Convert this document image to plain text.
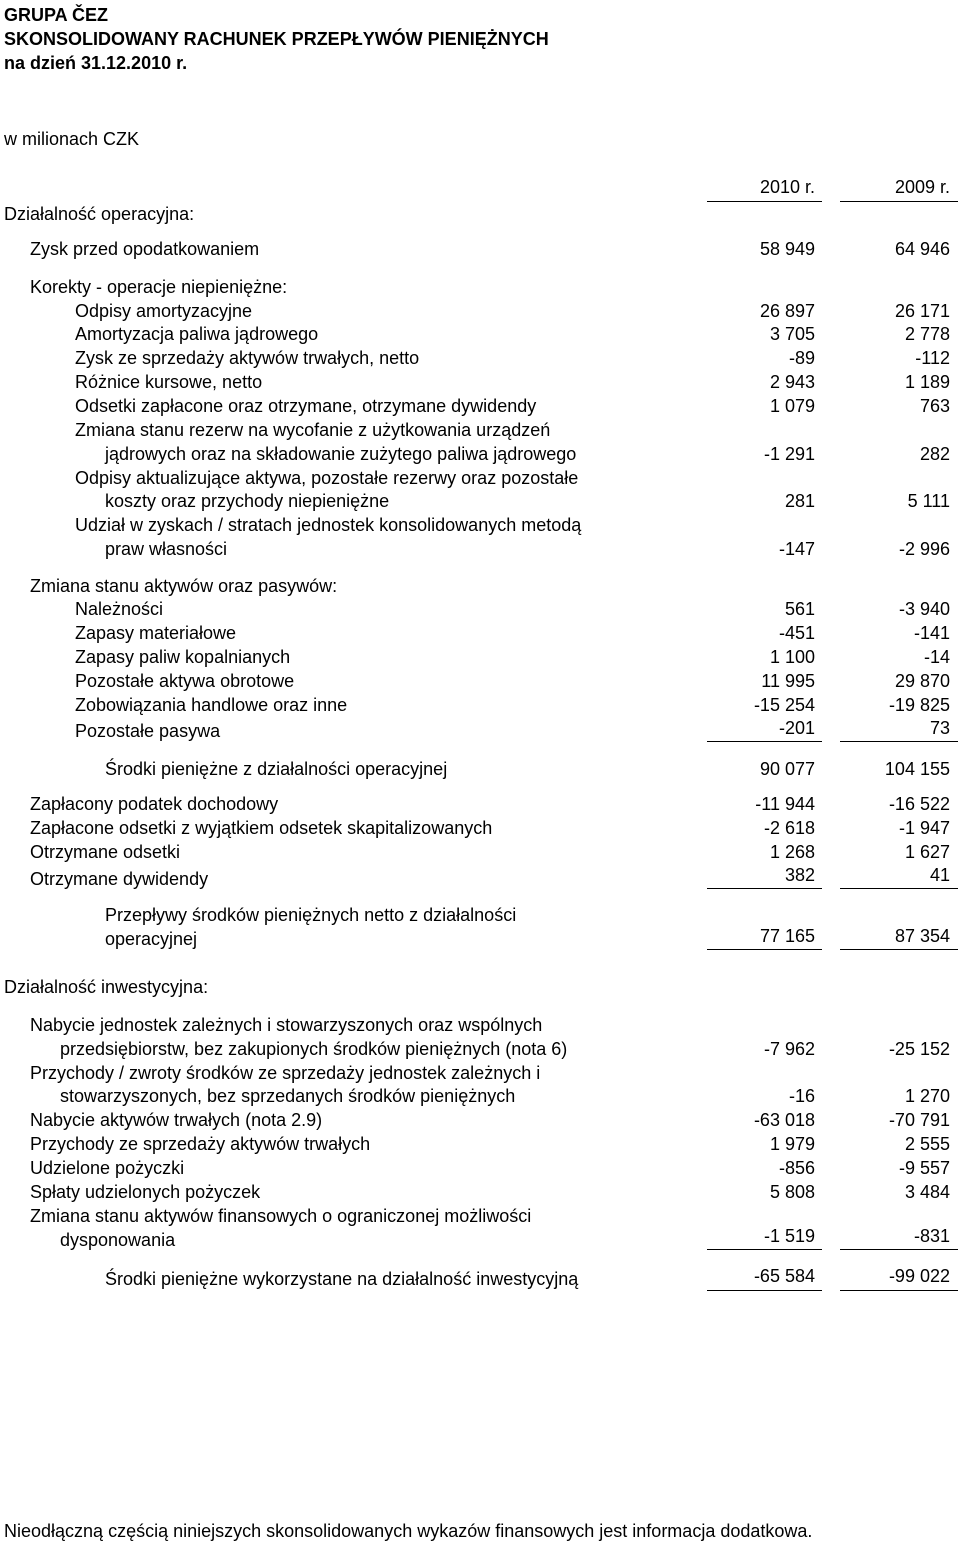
GRUPA ČEZ
SKONSOLIDOWANY RACHUNEK PRZEPŁYWÓW PIENIĘŻNYCH
na dzień 31.12.2010 r.
w milionach CZK
2010 r.	2009 r.
Działalność operacyjna:
Zysk przed opodatkowaniem	58 949	64 946
Korekty - operacje niepieniężne:
Odpisy amortyzacyjne	26 897	26 171
Amortyzacja paliwa jądrowego	3 705	2 778
Zysk ze sprzedaży aktywów trwałych, netto	-89	-112
Różnice kursowe, netto	2 943	1 189
Odsetki zapłacone oraz otrzymane, otrzymane dywidendy	1 079	763
Zmiana stanu rezerw na wycofanie z użytkowania urządzeń
jądrowych oraz na składowanie zużytego paliwa jądrowego	-1 291	282
Odpisy aktualizujące aktywa, pozostałe rezerwy oraz pozostałe
koszty oraz przychody niepieniężne	281	5 111
Udział w zyskach / stratach jednostek konsolidowanych metodą
praw własności	-147	-2 996
Zmiana stanu aktywów oraz pasywów:
Należności	561	-3 940
Zapasy materiałowe	-451	-141
Zapasy paliw kopalnianych	1 100	-14
Pozostałe aktywa obrotowe	11 995	29 870
Zobowiązania handlowe oraz inne	-15 254	-19 825
Pozostałe pasywa	-201	73
Środki pieniężne z działalności operacyjnej	90 077	104 155
Zapłacony podatek dochodowy	-11 944	-16 522
Zapłacone odsetki z wyjątkiem odsetek skapitalizowanych	-2 618	-1 947
Otrzymane odsetki	1 268	1 627
Otrzymane dywidendy	382	41
Przepływy środków pieniężnych netto z działalności
operacyjnej	77 165	87 354
Działalność inwestycyjna:
Nabycie jednostek zależnych i stowarzyszonych oraz wspólnych
przedsiębiorstw, bez zakupionych środków pieniężnych (nota 6)	-7 962	-25 152
Przychody / zwroty środków ze sprzedaży jednostek zależnych i
stowarzyszonych, bez sprzedanych środków pieniężnych	-16	1 270
Nabycie aktywów trwałych (nota 2.9)	-63 018	-70 791
Przychody ze sprzedaży aktywów trwałych	1 979	2 555
Udzielone pożyczki	-856	-9 557
Spłaty udzielonych pożyczek	5 808	3 484
Zmiana stanu aktywów finansowych o ograniczonej możliwości
dysponowania	-1 519	-831
Środki pieniężne wykorzystane na działalność inwestycyjną	-65 584	-99 022
Nieodłączną częścią niniejszych skonsolidowanych wykazów finansowych jest informacja dodatkowa.
